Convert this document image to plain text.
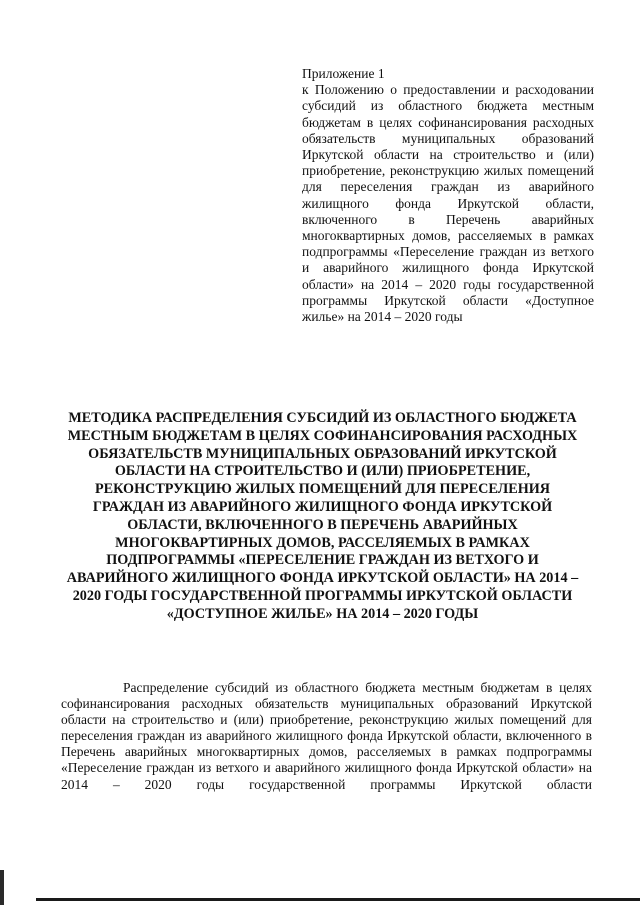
Приложение 1
к Положению о предоставлении и расходовании субсидий из областного бюджета местным бюджетам в целях софинансирования расходных обязательств муниципальных образований Иркутской области на строительство и (или) приобретение, реконструкцию жилых помещений для переселения граждан из аварийного жилищного фонда Иркутской области, включенного в Перечень аварийных многоквартирных домов, расселяемых в рамках подпрограммы «Переселение граждан из ветхого и аварийного жилищного фонда Иркутской области» на 2014 – 2020 годы государственной программы Иркутской области «Доступное жилье» на 2014 – 2020 годы
МЕТОДИКА РАСПРЕДЕЛЕНИЯ СУБСИДИЙ ИЗ ОБЛАСТНОГО БЮДЖЕТА МЕСТНЫМ БЮДЖЕТАМ В ЦЕЛЯХ СОФИНАНСИРОВАНИЯ РАСХОДНЫХ ОБЯЗАТЕЛЬСТВ МУНИЦИПАЛЬНЫХ ОБРАЗОВАНИЙ ИРКУТСКОЙ ОБЛАСТИ НА СТРОИТЕЛЬСТВО И (ИЛИ) ПРИОБРЕТЕНИЕ, РЕКОНСТРУКЦИЮ ЖИЛЫХ ПОМЕЩЕНИЙ ДЛЯ ПЕРЕСЕЛЕНИЯ ГРАЖДАН ИЗ АВАРИЙНОГО ЖИЛИЩНОГО ФОНДА ИРКУТСКОЙ ОБЛАСТИ, ВКЛЮЧЕННОГО В ПЕРЕЧЕНЬ АВАРИЙНЫХ МНОГОКВАРТИРНЫХ ДОМОВ, РАССЕЛЯЕМЫХ В РАМКАХ ПОДПРОГРАММЫ «ПЕРЕСЕЛЕНИЕ ГРАЖДАН ИЗ ВЕТХОГО И АВАРИЙНОГО ЖИЛИЩНОГО ФОНДА ИРКУТСКОЙ ОБЛАСТИ» НА 2014 – 2020 ГОДЫ ГОСУДАРСТВЕННОЙ ПРОГРАММЫ ИРКУТСКОЙ ОБЛАСТИ «ДОСТУПНОЕ ЖИЛЬЕ» НА 2014 – 2020 ГОДЫ
Распределение субсидий из областного бюджета местным бюджетам в целях софинансирования расходных обязательств муниципальных образований Иркутской области на строительство и (или) приобретение, реконструкцию жилых помещений для переселения граждан из аварийного жилищного фонда Иркутской области, включенного в Перечень аварийных многоквартирных домов, расселяемых в рамках подпрограммы «Переселение граждан из ветхого и аварийного жилищного фонда Иркутской области» на 2014 – 2020 годы государственной программы Иркутской области
